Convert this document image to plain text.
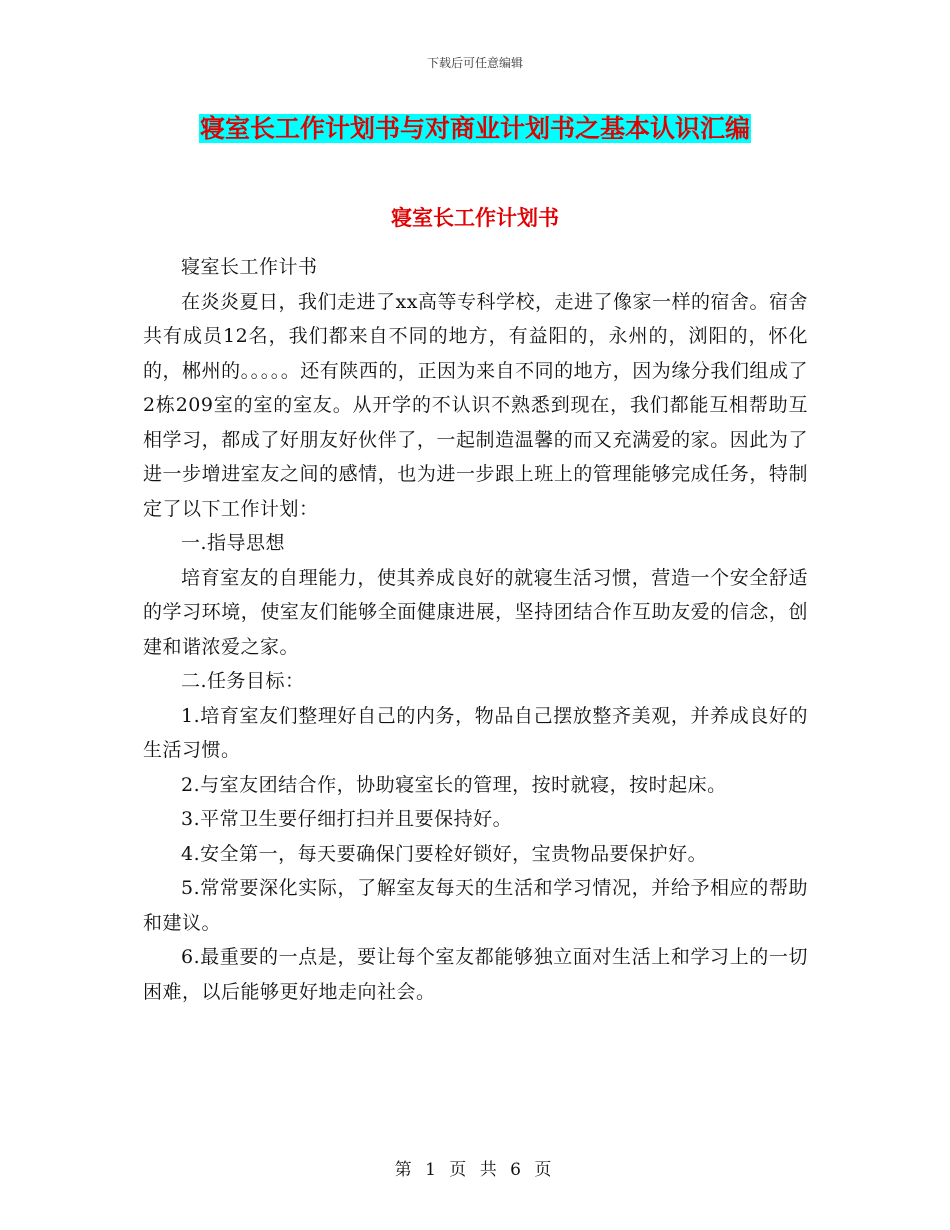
下载后可任意编辑
寝室长工作计划书与对商业计划书之基本认识汇编
寝室长工作计划书

寝室长工作计书

在炎炎夏日，我们走进了xx高等专科学校，走进了像家一样的宿舍。宿舍共有成员12名，我们都来自不同的地方，有益阳的，永州的，浏阳的，怀化的，郴州的。。。。。还有陕西的，正因为来自不同的地方，因为缘分我们组成了2栋209室的室的室友。从开学的不认识不熟悉到现在，我们都能互相帮助互相学习，都成了好朋友好伙伴了，一起制造温馨的而又充满爱的家。因此为了进一步增进室友之间的感情，也为进一步跟上班上的管理能够完成任务，特制定了以下工作计划：

一.指导思想

培育室友的自理能力，使其养成良好的就寝生活习惯，营造一个安全舒适的学习环境，使室友们能够全面健康进展，坚持团结合作互助友爱的信念，创建和谐浓爱之家。

二.任务目标：

1.培育室友们整理好自己的内务，物品自己摆放整齐美观，并养成良好的生活习惯。

2.与室友团结合作，协助寝室长的管理，按时就寝，按时起床。

3.平常卫生要仔细打扫并且要保持好。

4.安全第一，每天要确保门要栓好锁好，宝贵物品要保护好。

5.常常要深化实际，了解室友每天的生活和学习情况，并给予相应的帮助和建议。

6.最重要的一点是，要让每个室友都能够独立面对生活上和学习上的一切困难，以后能够更好地走向社会。

第 1 页 共 6 页
